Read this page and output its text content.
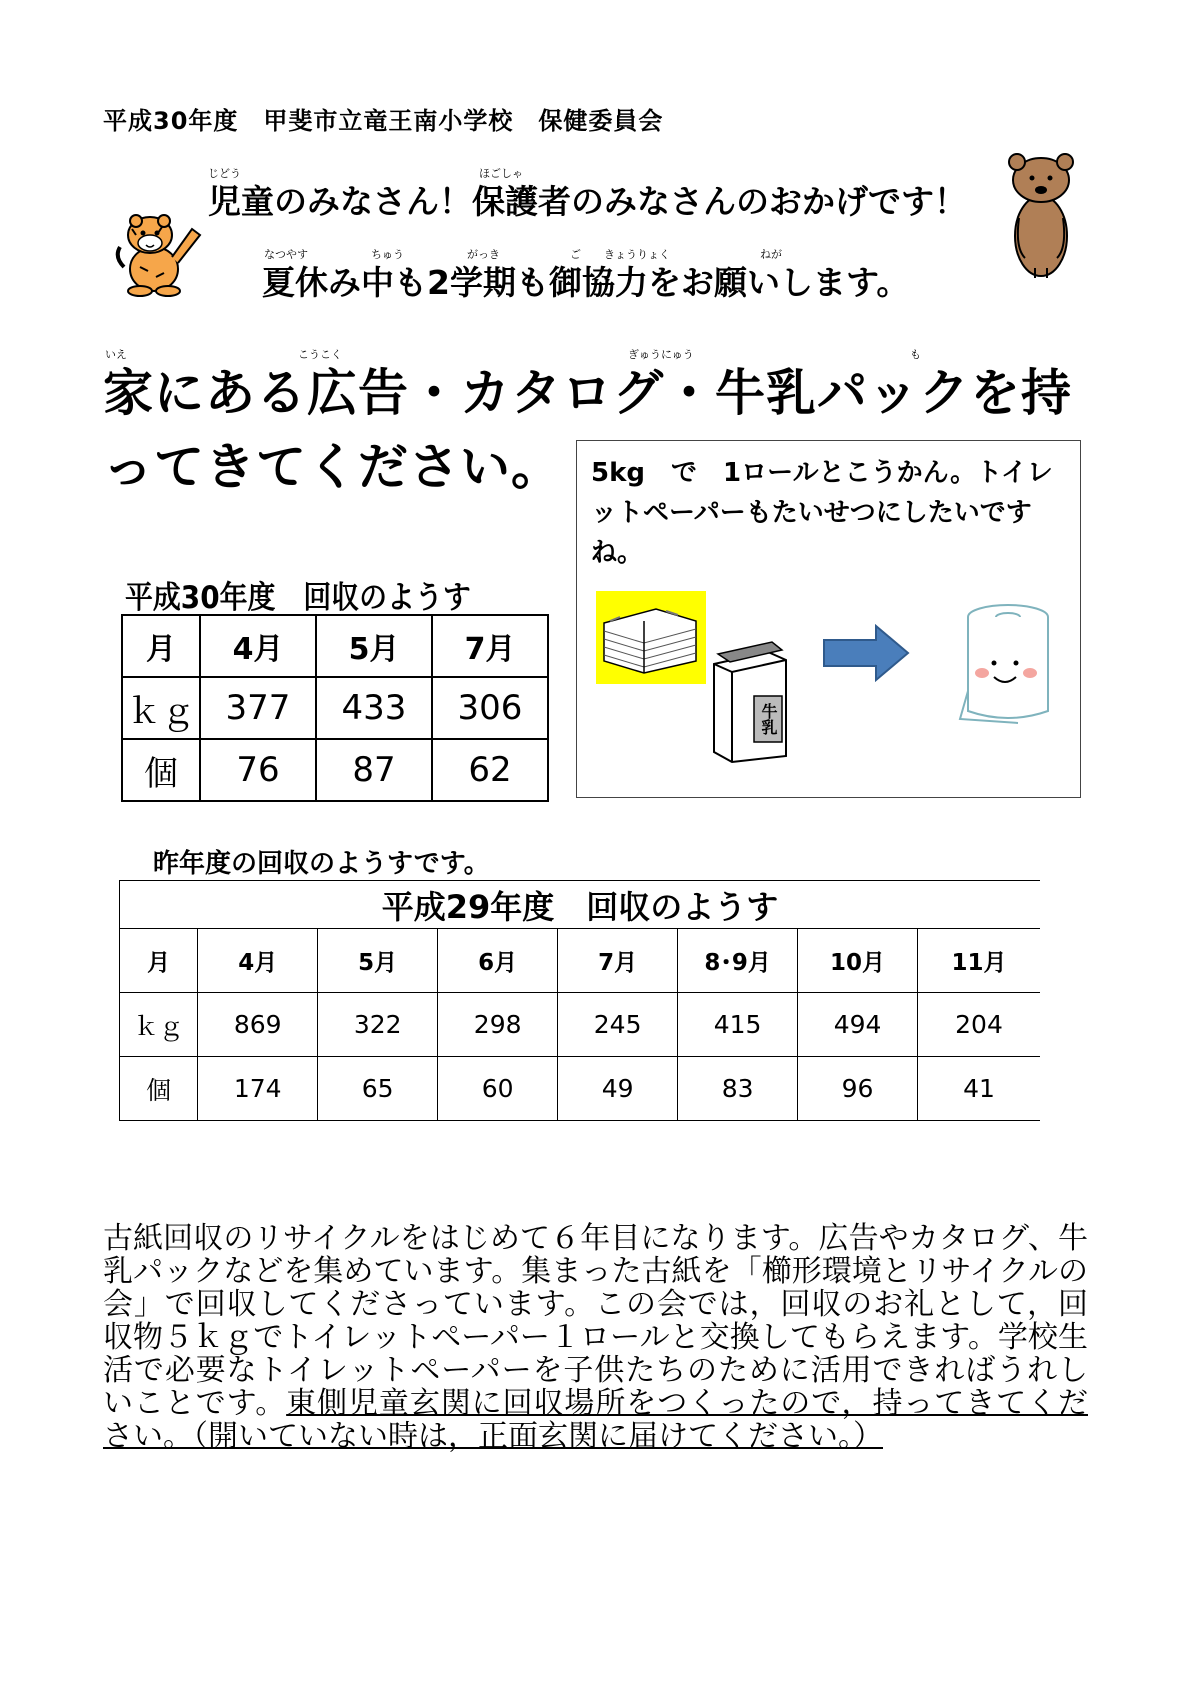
平成30年度　甲斐市立竜王南小学校　保健委員会
じどう	ほごしゃ
児童のみなさん！保護者のみなさんのおかげです！
なつやす	ちゅう	がっき	ご きょうりょく	ねが
夏休み中も2学期も御協力をお願いします。
いえ	こうこく	ぎゅうにゅう	も
家にある広告・カタログ・牛乳パックを持ってきてください。	5kg　で　1ロールとこうかん。トイレットペーパーもたいせつにしたいですね。
牛乳
平成30年度　回収のようす
月	4月	5月	7月
ｋｇ	377	433	306
個	76	87	62
昨年度の回収のようすです。
平成29年度　回収のようす							
月	4月	5月	6月	7月	8･9月	10月	11月
ｋｇ	869	322	298	245	415	494	204
個	174	65	60	49	83	96	41
古紙回収のリサイクルをはじめて６年目になります。広告やカタログ、牛乳パックなどを集めています。集まった古紙を「櫛形環境とリサイクルの会」で回収してくださっています。この会では，回収のお礼として，回収物５ｋｇでトイレットペーパー１ロールと交換してもらえます。学校生活で必要なトイレットペーパーを子供たちのために活用できればうれしいことです。東側児童玄関に回収場所をつくったので，持ってきてください。（開いていない時は，正面玄関に届けてください。）
